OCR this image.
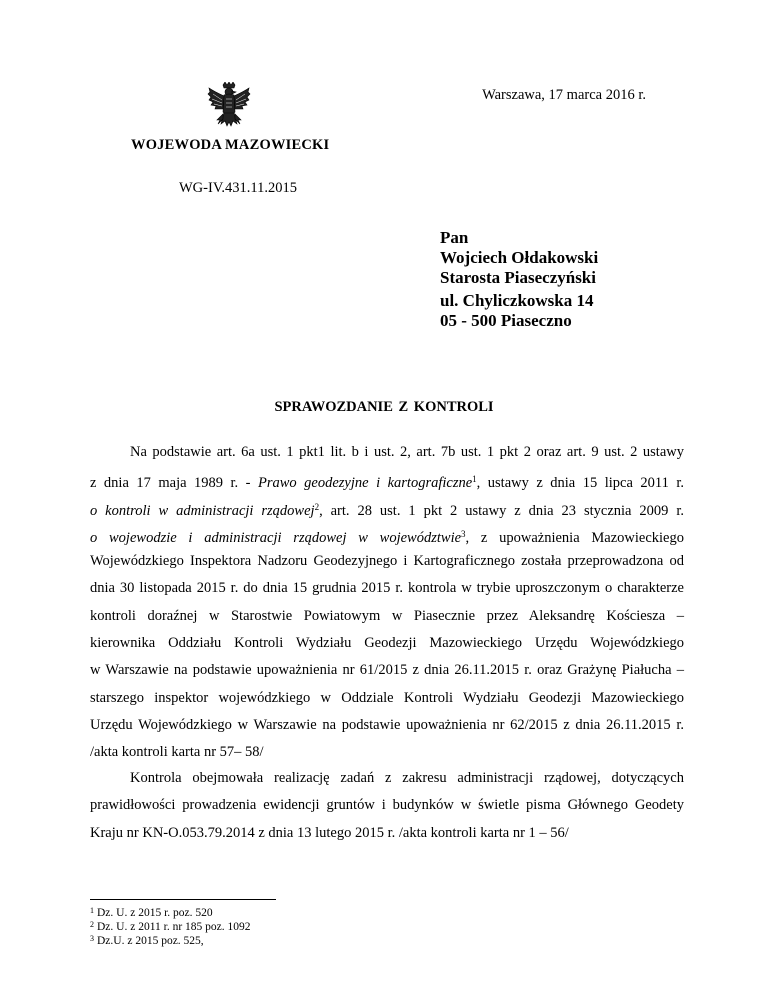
Warszawa, 17 marca 2016 r.
WOJEWODA MAZOWIECKI
WG-IV.431.11.2015
Pan
Wojciech Ołdakowski
Starosta Piaseczyński
ul. Chyliczkowska 14
05 - 500 Piaseczno
SPRAWOZDANIE Z KONTROLI
Na podstawie art. 6a ust. 1 pkt1 lit. b i ust. 2, art. 7b ust. 1 pkt 2 oraz art. 9 ust. 2 ustawy
z dnia 17 maja 1989 r. - Prawo geodezyjne i kartograficzne$^1$, ustawy z dnia 15 lipca 2011 r.
o kontroli w administracji rządowej$^2$, art. 28 ust. 1 pkt 2 ustawy z dnia 23 stycznia 2009 r.
o wojewodzie i administracji rządowej w województwie$^3$, z upoważnienia Mazowieckiego
Wojewódzkiego Inspektora Nadzoru Geodezyjnego i Kartograficznego została przeprowadzona od
dnia 30 listopada 2015 r. do dnia 15 grudnia 2015 r. kontrola w trybie uproszczonym o charakterze
kontroli doraźnej w Starostwie Powiatowym w Piasecznie przez Aleksandrę Kościesza –
kierownika Oddziału Kontroli Wydziału Geodezji Mazowieckiego Urzędu Wojewódzkiego
w Warszawie na podstawie upoważnienia nr 61/2015 z dnia 26.11.2015 r. oraz Grażynę Piałucha –
starszego inspektor wojewódzkiego w Oddziale Kontroli Wydziału Geodezji Mazowieckiego
Urzędu Wojewódzkiego w Warszawie na podstawie upoważnienia nr 62/2015 z dnia 26.11.2015 r.
/akta kontroli karta nr 57– 58/
Kontrola obejmowała realizację zadań z zakresu administracji rządowej, dotyczących
prawidłowości prowadzenia ewidencji gruntów i budynków w świetle pisma Głównego Geodety
Kraju nr KN-O.053.79.2014 z dnia 13 lutego 2015 r. /akta kontroli karta nr 1 – 56/
$^1$ Dz. U. z 2015 r. poz. 520
$^2$ Dz. U. z 2011 r. nr 185 poz. 1092
$^3$ Dz.U. z 2015 poz. 525,
